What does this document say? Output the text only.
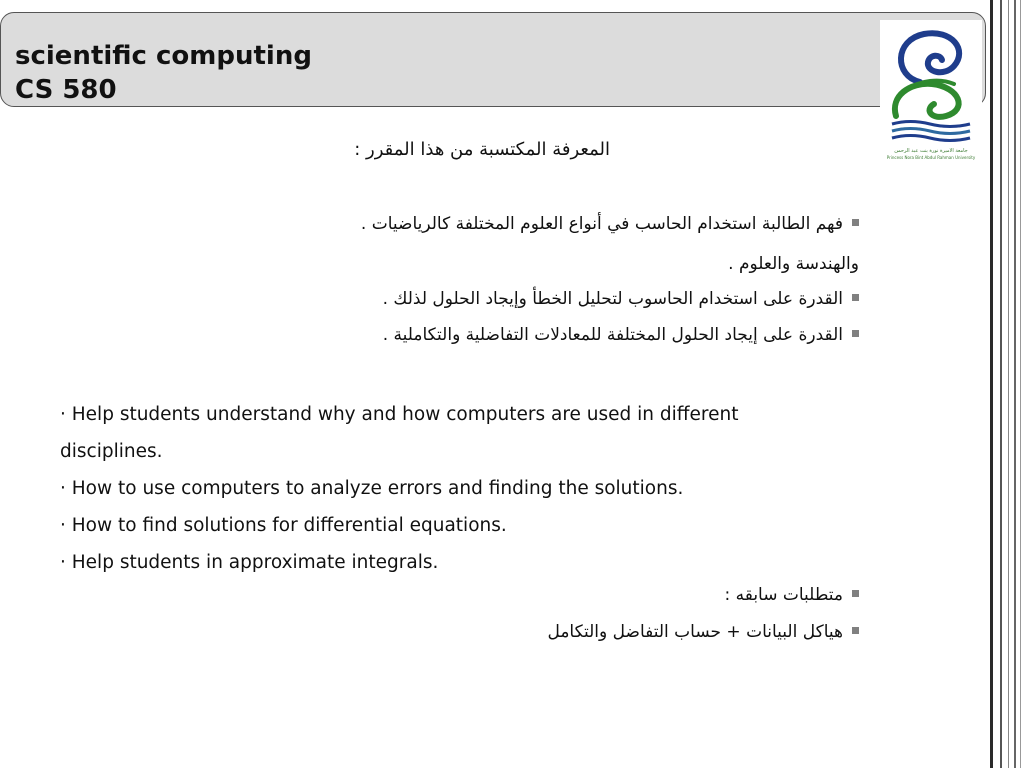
scientific computing
CS 580
جامعة الأميرة نورة بنت عبد الرحمن
Princess Nora Bint Abdul Rahman University
المعرفة المكتسبة من هذا المقرر :
فهم الطالبة استخدام الحاسب في أنواع العلوم المختلفة كالرياضيات .
والهندسة والعلوم .
القدرة على استخدام الحاسوب لتحليل الخطأ وإيجاد الحلول لذلك .
القدرة على إيجاد الحلول المختلفة للمعادلات التفاضلية والتكاملية .
· Help students understand why and how computers are used in different
disciplines.
· How to use computers to analyze errors and finding the solutions.
· How to find solutions for differential equations.
· Help students in approximate integrals.
متطلبات سابقه :
هياكل البيانات + حساب التفاضل والتكامل
